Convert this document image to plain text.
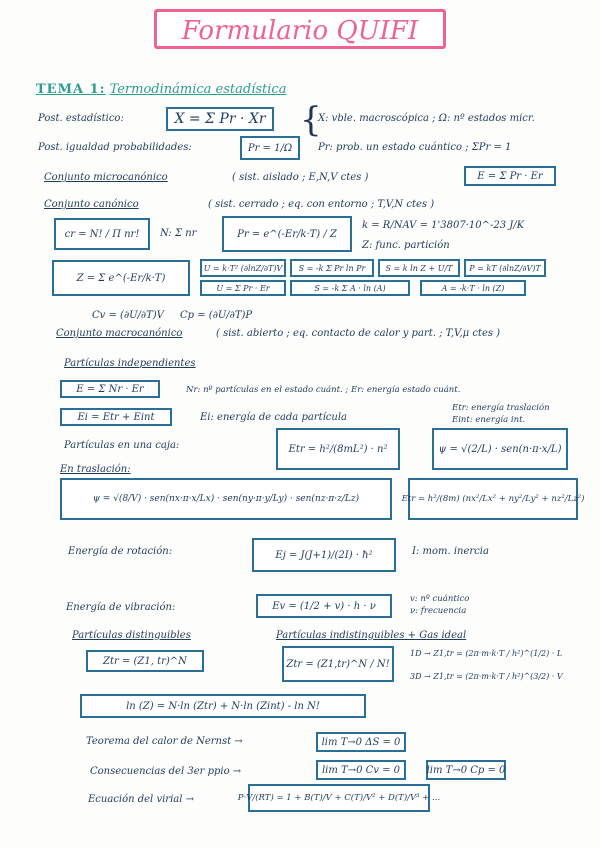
Formulario QUIFI
TEMA 1: Termodinámica estadística
Post. estadístico:	X = Σ Pr · Xr {
X: vble. macroscópica ; Ω: nº estados micr.
Post. igualdad probabilidades:	Pr = 1/Ω	Pr: prob. un estado cuántico ; ΣPr = 1
Conjunto microcanónico	( sist. aislado ; E,N,V ctes )	E = Σ Pr · Er
Conjunto canónico	( sist. cerrado ; eq. con entorno ; T,V,N ctes )
cr = N! / Π nr!	N: Σ nr	Pr = e^(-Er/k·T) / Z
k = R/NAV = 1'3807·10^-23 J/K
Z: func. partición
Z = Σ e^(-Er/k·T)
U = k·T² (∂lnZ/∂T)V	S = -k Σ Pr ln Pr	S = k ln Z + U/T	P = kT (∂lnZ/∂V)T
U = Σ Pr · Er	S = -k Σ A · ln (A)	A = -k·T · ln (Z)
Cv = (∂U/∂T)V Cp = (∂U/∂T)P
Conjunto macrocanónico	( sist. abierto ; eq. contacto de calor y part. ; T,V,μ ctes )
Partículas independientes
E = Σ Nr · Er	Nr: nº partículas en el estado cuánt. ; Er: energía estado cuánt.
Ei = Etr + Eint	Ei: energía de cada partícula
Etr: energía traslación
Eint: energía int.
Partículas en una caja:	Etr = h²/(8mL²) · n²	ψ = √(2/L) · sen(n·π·x/L)
En traslación:
ψ = √(8/V) · sen(nx·π·x/Lx) · sen(ny·π·y/Ly) · sen(nz·π·z/Lz)	Etr = h²/(8m) (nx²/Lx² + ny²/Ly² + nz²/Lz²)
Energía de rotación:	Ej = J(J+1)/(2I) · ħ²	I: mom. inercia
Energía de vibración:	Ev = (1/2 + v) · h · ν
v: nº cuántico
ν: frecuencia
Partículas distinguibles
Ztr = (Z1, tr)^N
Partículas indistinguibles + Gas ideal
Ztr = (Z1,tr)^N / N!
1D → Z1,tr = (2π·m·k·T / h²)^(1/2) · L
3D → Z1,tr = (2π·m·k·T / h²)^(3/2) · V
ln (Z) = N·ln (Ztr) + N·ln (Zint) - ln N!
Teorema del calor de Nernst →	lim T→0 ΔS = 0
Consecuencias del 3er ppio →	lim T→0 Cv = 0	lim T→0 Cp = 0
Ecuación del virial →	P·V/(RT) = 1 + B(T)/V + C(T)/V² + D(T)/V³ + ...
